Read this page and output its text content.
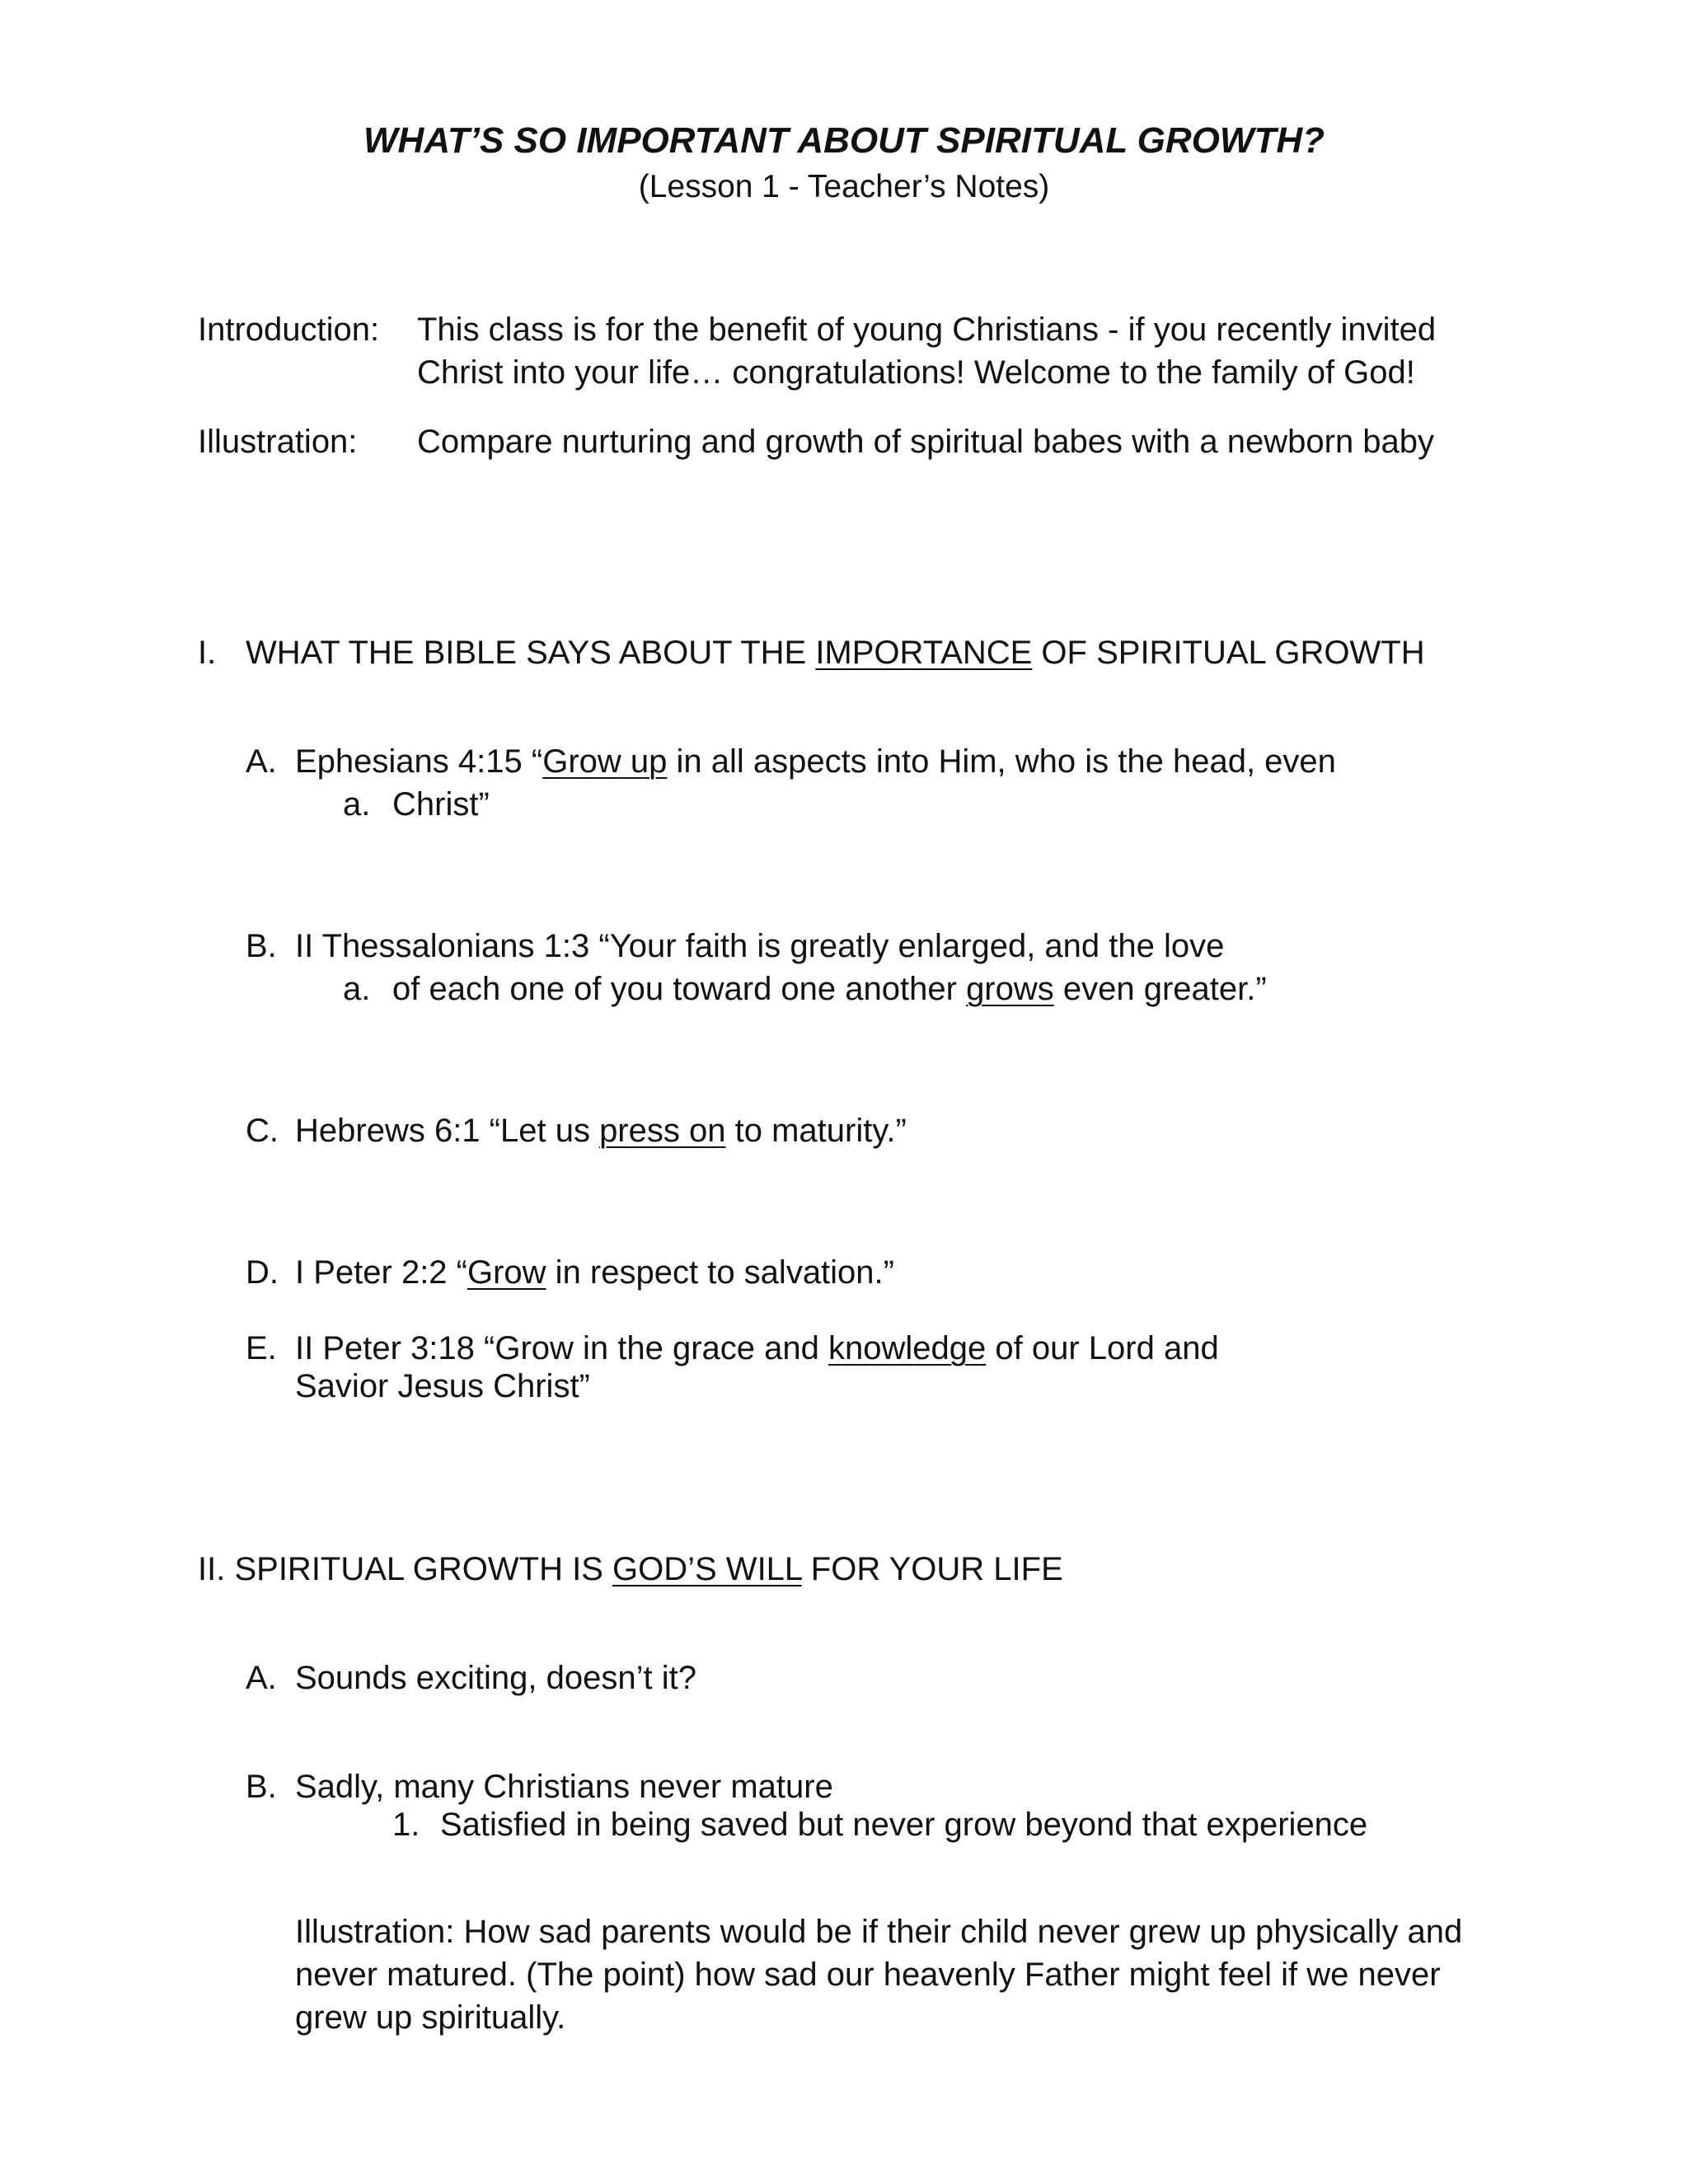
WHAT’S SO IMPORTANT ABOUT SPIRITUAL GROWTH?
(Lesson 1 - Teacher’s Notes)
Introduction: This class is for the benefit of young Christians - if you recently invited
Christ into your life… congratulations! Welcome to the family of God!
Illustration: Compare nurturing and growth of spiritual babes with a newborn baby
I. WHAT THE BIBLE SAYS ABOUT THE IMPORTANCE OF SPIRITUAL GROWTH
A. Ephesians 4:15 “Grow up in all aspects into Him, who is the head, even
a. Christ”
B. II Thessalonians 1:3 “Your faith is greatly enlarged, and the love
a. of each one of you toward one another grows even greater.”
C. Hebrews 6:1 “Let us press on to maturity.”
D. I Peter 2:2 “Grow in respect to salvation.”
E. II Peter 3:18 “Grow in the grace and knowledge of our Lord and
Savior Jesus Christ”
II. SPIRITUAL GROWTH IS GOD’S WILL FOR YOUR LIFE
A. Sounds exciting, doesn’t it?
B. Sadly, many Christians never mature
1. Satisfied in being saved but never grow beyond that experience
Illustration: How sad parents would be if their child never grew up physically and
never matured. (The point) how sad our heavenly Father might feel if we never
grew up spiritually.
